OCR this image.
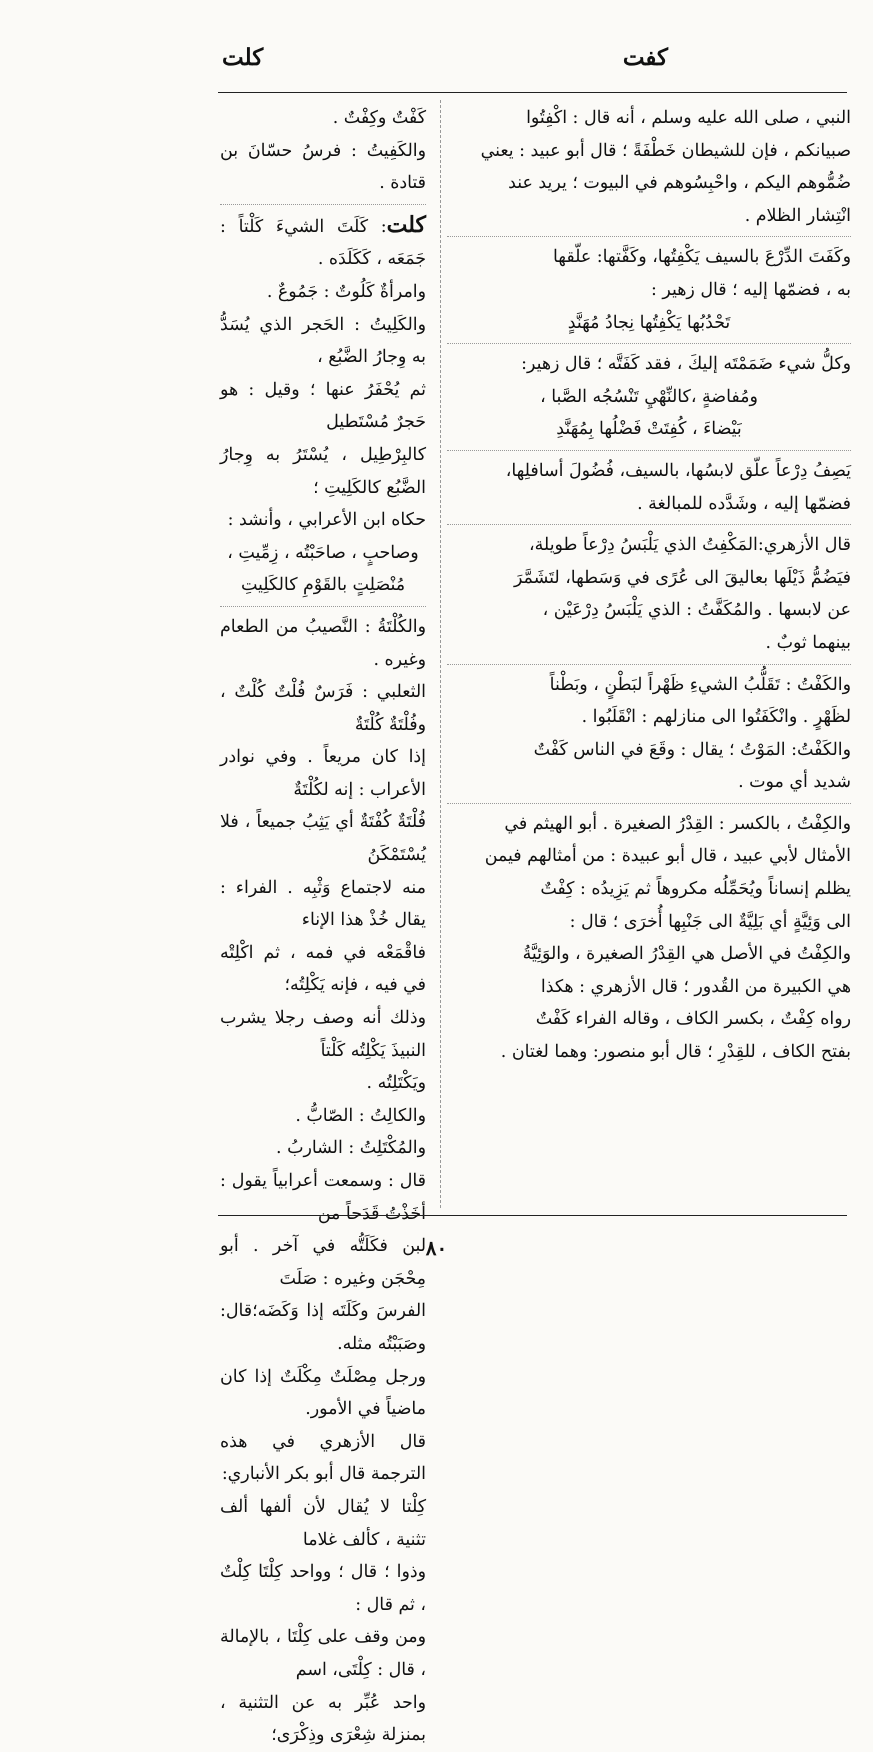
كفت
كلت

النبي ، صلى الله عليه وسلم ، أنه قال : اكْفِتُوا

صبيانكم ، فإن للشيطان خَطْفَةً ؛ قال أبو عبيد : يعني

ضُمُّوهم اليكم ، واحْبِسُوهم في البيوت ؛ يريد عند

انْتِشار الظلام .

وكَفَتَ الدِّرْعَ بالسيف يَكْفِتُها، وكَفَّتها: علّقها

به ، فضمّها إليه ؛ قال زهير :

تَحْدُبُها يَكْفِتُها نِجادُ مُهَنَّدٍ

وكلُّ شيء ضَمَمْتَه إليكَ ، فقد كَفَتَّه ؛ قال زهير:

ومُفاضةٍ ،كالنِّهْيِ تَنْسُجُه الصَّبا ،

بَيْضاءَ ، كُفِتَتْ فَضْلُها بِمُهَنَّدِ

يَصِفُ دِرْعاً علّق لابسُها، بالسيف، فُضُولَ أسافلِها،

فضمّها إليه ، وشَدَّده للمبالغة .

قال الأزهري:المَكْفِتُ الذي يَلْبَسُ دِرْعاً طويلة،

فيَضُمُّ ذَيْلَها بعاليقَ الى عُرًى في وَسَطها، لتَشَمَّرَ

عن لابسها . والمُكَفَّتُ : الذي يَلْبَسُ دِرْعَيْن ،

بينهما ثوبٌ .

والكَفْتُ : تَقَلُّبُ الشيءِ ظَهْراً لبَطْنٍ ، وبَطْناً

لظَهْرٍ . وانْكَفَتُوا الى منازلهم : انْقَلَبُوا .

والكَفْتُ: المَوْتُ ؛ يقال : وقَعَ في الناس كَفْتٌ

شديد أي موت .

والكِفْتُ ، بالكسر : القِدْرُ الصغيرة . أبو الهيثم في

الأمثال لأبي عبيد ، قال أبو عبيدة : من أمثالهم فيمن

يظلم إنساناً ويُحَمِّلُه مكروهاً ثم يَزِيدُه : كِفْتٌ

الى وَئِيَّةٍ أي بَلِيَّةٌ الى جَنْبِها أُخرَى ؛ قال :

والكِفْتُ في الأصل هي القِدْرُ الصغيرة ، والوَئِيَّةُ

هي الكبيرة من القُدور ؛ قال الأزهري : هكذا

رواه كِفْتٌ ، بكسر الكاف ، وقاله الفراء كَفْتٌ

بفتح الكاف ، للقِدْرِ ؛ قال أبو منصور: وهما لغتان .

كَفْتٌ وكِفْتٌ .

والكَفِيتُ : فرسُ حسّانَ بن قتادة .

كلت: كَلَتَ الشيءَ كَلْتاً : جَمَعَه ، كَكَلَدَه .

وامرأةٌ كَلُوتٌ : جَمُوعٌ .

والكَلِيتُ : الحَجر الذي يُسَدُّ به وِجارُ الضَّبُع ،

ثم يُحْفَرُ عنها ؛ وقيل : هو حَجرٌ مُسْتَطيل

كالبِرْطِيل ، يُسْتَرُ به وِجارُ الضَّبُع كالكَلِيتِ ؛

حكاه ابن الأعرابي ، وأنشد :

وصاحبٍ ، صاحَبْتُه ، زِمِّيتِ ،

مُنْصَلِتٍ بالقَوْمِ كالكَلِيتِ

والكُلْتَةُ : النَّصيبُ من الطعام وغيره .

الثعلبي : فَرَسٌ فُلْتٌ كُلْتٌ ، وفُلْتَةٌ كُلْتَةٌ

إذا كان مريعاً . وفي نوادر الأعراب : إنه لكُلْتَةٌ

فُلْتَةٌ كُفْتَةٌ أي يَثِبُ جميعاً ، فلا يُسْتَمْكَنُ

منه لاجتماع وَثْبِه . الفراء : يقال خُذْ هذا الإناء

فاقْمَعْه في فمه ، ثم اكْلِتْه في فيه ، فإنه يَكْلِتُه؛

وذلك أنه وصف رجلا يشرب النبيذَ يَكْلِتُه كَلْتاً

ويَكْتَلِتُه .

والكالِتُ : الصّابُّ .

والمُكْتَلِتُ : الشاربُ .

قال : وسمعت أعرابياً يقول : أخَذْتُ قَدَحاً من

لبن فكَلَتُّه في آخر . أبو مِحْجَن وغيره : صَلَتَ

الفرسَ وكَلَتَه إذا وَكَضَه؛قال: وصَبَبْتُه مثله.

ورجل مِصْلَتٌ مِكْلَتٌ إذا كان ماضياً في الأمور.

قال الأزهري في هذه الترجمة قال أبو بكر الأنباري:

كِلْتا لا يُقال لأن ألفها ألف تثنية ، كألف غلاما

وذوا ؛ قال ؛ وواحد كِلْتَا كِلْتٌ ، ثم قال :

ومن وقف على كِلْتَا ، بالإمالة ، قال : كِلْتَى، اسم

واحد عُبِّر به عن التثنية ، بمنزلة شِعْرَى وذِكْرَى؛

٨٠
